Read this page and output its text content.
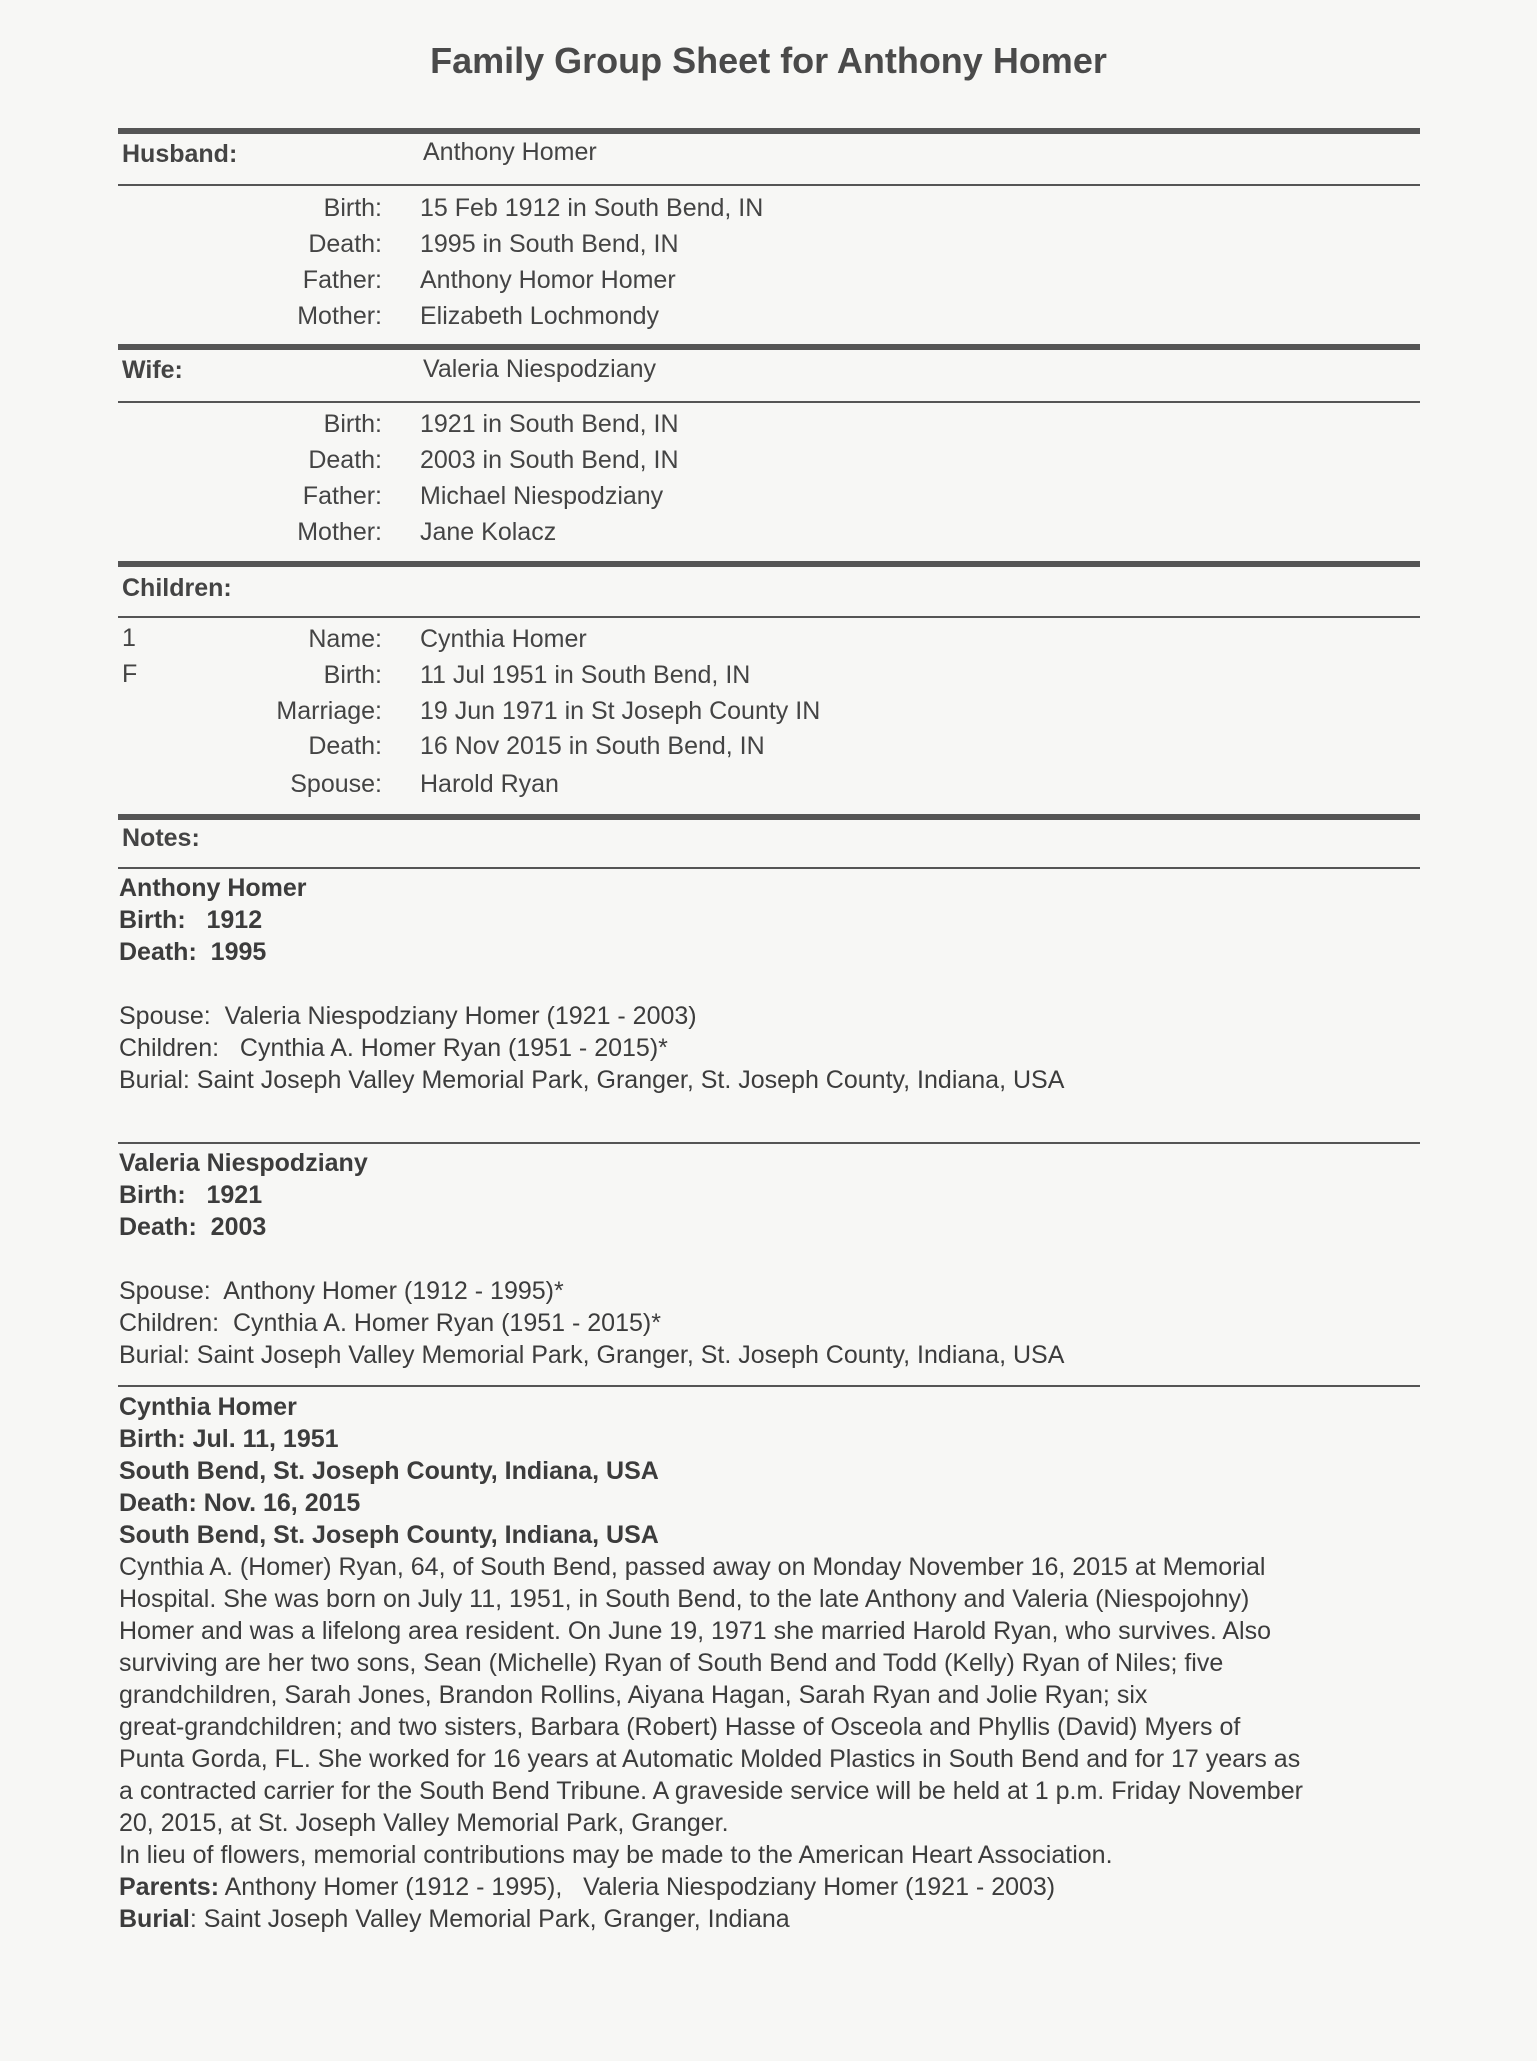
Family Group Sheet for Anthony Homer
Husband:	Anthony Homer
Birth: 15 Feb 1912 in South Bend, IN
Death: 1995 in South Bend, IN
Father: Anthony Homor Homer
Mother: Elizabeth Lochmondy
Wife:	Valeria Niespodziany
Birth: 1921 in South Bend, IN
Death: 2003 in South Bend, IN
Father: Michael Niespodziany
Mother: Jane Kolacz
Children:
1
F
Name: Cynthia Homer
Birth: 11 Jul 1951 in South Bend, IN
Marriage: 19 Jun 1971 in St Joseph County IN
Death: 16 Nov 2015 in South Bend, IN
Spouse: Harold Ryan
Notes:

Anthony Homer

Birth:   1912

Death:  1995

Spouse:  Valeria Niespodziany Homer (1921 - 2003)

Children:   Cynthia A. Homer Ryan (1951 - 2015)*

Burial: Saint Joseph Valley Memorial Park, Granger, St. Joseph County, Indiana, USA

Valeria Niespodziany

Birth:   1921

Death:  2003

Spouse:  Anthony Homer (1912 - 1995)*

Children:  Cynthia A. Homer Ryan (1951 - 2015)*

Burial: Saint Joseph Valley Memorial Park, Granger, St. Joseph County, Indiana, USA

Cynthia Homer

Birth: Jul. 11, 1951

South Bend, St. Joseph County, Indiana, USA

Death: Nov. 16, 2015

South Bend, St. Joseph County, Indiana, USA

Cynthia A. (Homer) Ryan, 64, of South Bend, passed away on Monday November 16, 2015 at Memorial

Hospital. She was born on July 11, 1951, in South Bend, to the late Anthony and Valeria (Niespojohny)

Homer and was a lifelong area resident. On June 19, 1971 she married Harold Ryan, who survives. Also

surviving are her two sons, Sean (Michelle) Ryan of South Bend and Todd (Kelly) Ryan of Niles; five

grandchildren, Sarah Jones, Brandon Rollins, Aiyana Hagan, Sarah Ryan and Jolie Ryan; six

great-grandchildren; and two sisters, Barbara (Robert) Hasse of Osceola and Phyllis (David) Myers of

Punta Gorda, FL. She worked for 16 years at Automatic Molded Plastics in South Bend and for 17 years as

a contracted carrier for the South Bend Tribune. A graveside service will be held at 1 p.m. Friday November

20, 2015, at St. Joseph Valley Memorial Park, Granger.

In lieu of flowers, memorial contributions may be made to the American Heart Association.

Parents: Anthony Homer (1912 - 1995),   Valeria Niespodziany Homer (1921 - 2003)

Burial: Saint Joseph Valley Memorial Park, Granger, Indiana
